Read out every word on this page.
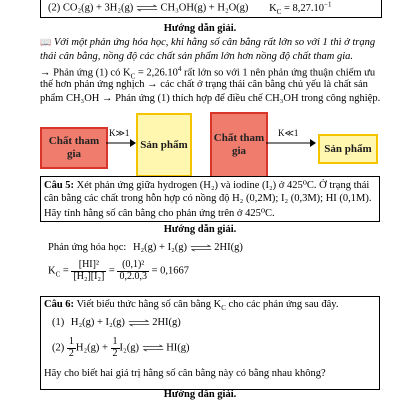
(2) CO₂(g) + 3H₂(g) ⇌ CH₃OH(g) + H₂O(g) $K_C = 8,27.10^{-1}$
Hướng dẫn giải.
📖 Với một phản ứng hóa học, khi hằng số cân bằng rất lớn so với 1 thì ở trạng
thái cân bằng, nồng độ các chất sản phẩm lớn hơn nồng độ chất tham gia.
→ Phản ứng (1) có $K_C = 2,26.10^4$ rất lớn so với 1 nên phản ứng thuận chiếm ưu
thế hơn phản ứng nghịch → các chất ở trạng thái cân bằng chủ yếu là chất sản
phẩm CH₃OH → Phản ứng (1) thích hợp để điều chế CH₃OH trong công nghiệp.
Chất tham gia
K≫1
Sản phẩm
Chất tham gia
K≪1
Sản phẩm
Câu 5: Xét phản ứng giữa hydrogen (H₂) và iodine (I₂) ở 425⁰C. Ở trạng thái
cân bằng các chất trong hỗn hợp có nồng độ H₂ (0,2M); I₂ (0,3M); HI (0,1M).
Hãy tính hằng số cân bằng cho phản ứng trên ở 425⁰C.
Hướng dẫn giải.
Phản ứng hóa học: H₂(g) + I₂(g) ⇌ 2HI(g)
$K_C = \frac{\text{[HI]²}}{\text{[H₂][I₂]}} = \frac{\text{(0,1)²}}{0,2.0,3} = 0,1667$
Câu 6: Viết biểu thức hằng số cân bằng $K_C$ cho các phản ứng sau đây.
(1) H₂(g) + I₂(g) ⇌ 2HI(g)
$(2) \frac{1}{2} H_2(g) + \frac{1}{2} I_2(g)$ ⇌ HI(g)
Hãy cho biết hai giá trị hằng số cân bằng này có bằng nhau không?
Hướng dẫn giải.
